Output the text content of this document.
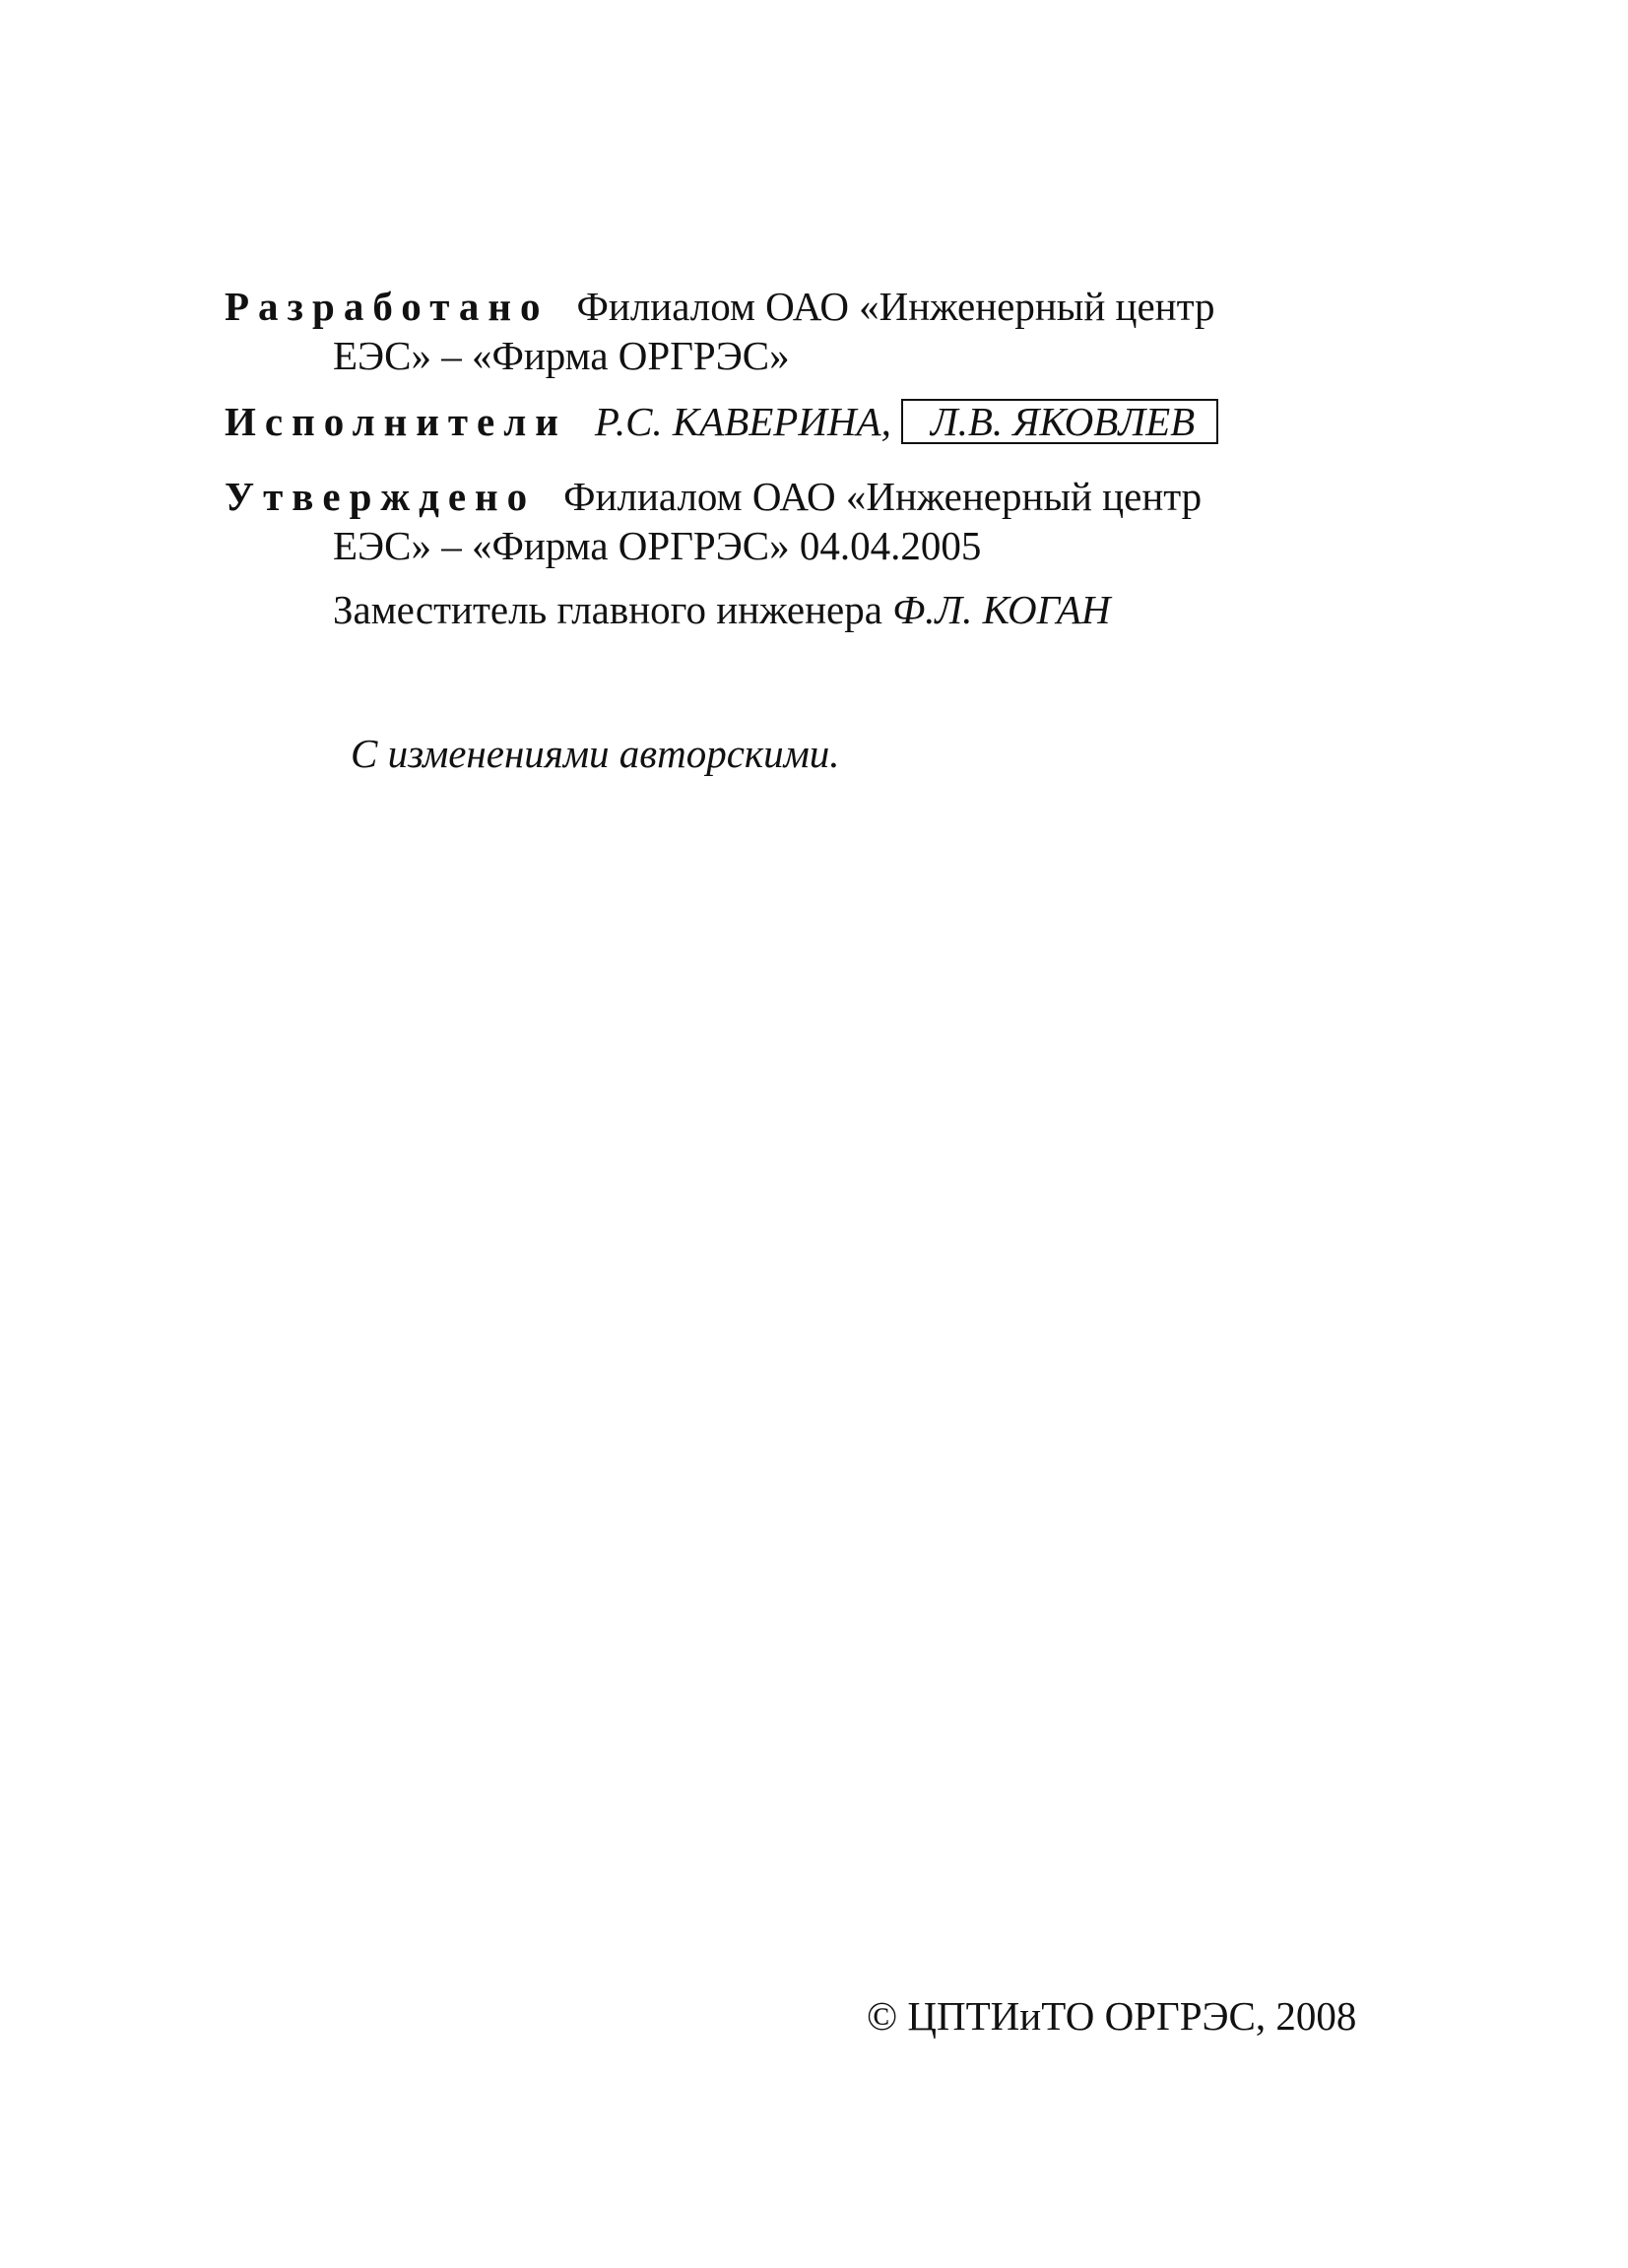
Разработано Филиалом ОАО «Инженерный центр
ЕЭС» – «Фирма ОРГРЭС»
Исполнители Р.С. КАВЕРИНА, Л.В. ЯКОВЛЕВ
Утверждено Филиалом ОАО «Инженерный центр
ЕЭС» – «Фирма ОРГРЭС» 04.04.2005
Заместитель главного инженера Ф.Л. КОГАН
С изменениями авторскими.
© ЦПТИиТО ОРГРЭС, 2008
